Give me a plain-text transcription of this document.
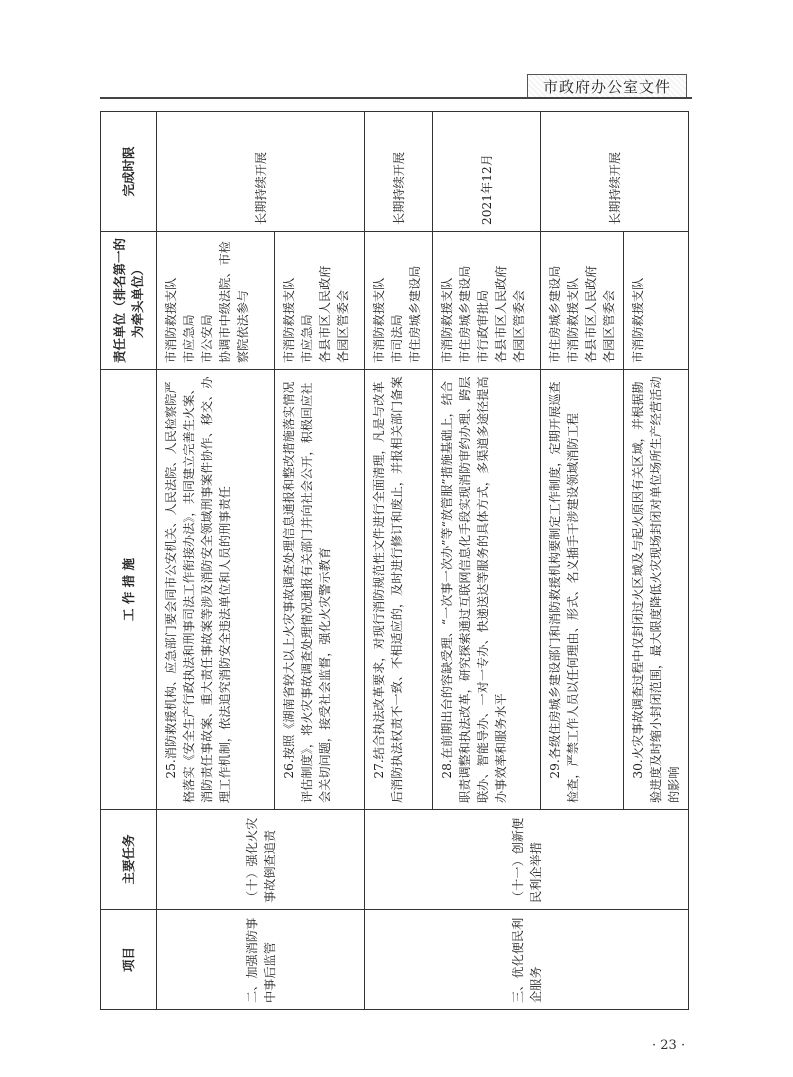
市政府办公室文件
项目	主要任务	工 作 措 施	责任单位（排名第一的为牵头单位）	完成时限
二、加强消防事中事后监管	（十）强化火灾事故倒查追责	25.消防救援机构、应急部门要会同市公安机关、人民法院、人民检察院严格落实《安全生产行政执法和刑事司法工作衔接办法》，共同建立完善生火案、消防责任事故案、重大责任事故案等涉及消防安全领域刑事案件协作、移交、办理工作机制，依法追究消防安全违法单位和人员的刑事责任	市消防救援支队 市应急局 市公安局 协调市中级法院、市检察院依法参与	长期持续开展

		26.按照《湖南省较大以上火灾事故调查处理信息通报和整改措施落实情况评估制度》，将火灾事故调查处理情况通报有关部门并向社会公开，积极回应社会关切问题，接受社会监督，强化火灾警示教育	市消防救援支队 市应急局 各县市区人民政府 各园区管委会	

三、优化便民利企服务	（十一）创新便民利企举措	27.结合执法改革要求，对现行消防规范性文件进行全面清理，凡是与改革后消防执法权责不一致、不相适应的，及时进行修订和废止，并报相关部门备案	市消防救援支队 市司法局 市住房城乡建设局	长期持续开展

		28.在前期出台的容缺受理、“一次事一次办”等“放管服”措施基础上，结合职责调整和执法改革，研究探索通过互联网信息化手段实现消防审约办理、跨层联办、智能导办、一对一专办、快递送达等服务的具体方式，多渠道多途径提高办事效率和服务水平	市消防救援支队 市住房城乡建设局 市行政审批局 各县市区人民政府 各园区管委会	2021年12月

		29.各级住房城乡建设部门和消防救援机构要制定工作制度，定期开展巡查检查，严禁工作人员以任何理由、形式、名义插手干涉建设领域消防工程	市住房城乡建设局 市消防救援支队 各县市区人民政府 各园区管委会	长期持续开展

		30.火灾事故调查过程中仅封闭过火区域及与起火原因有关区域，并根据勘验进度及时缩小封闭范围，最大限度降低火灾现场封闭对单位场所生产经营活动的影响	市消防救援支队	
· 23 ·
